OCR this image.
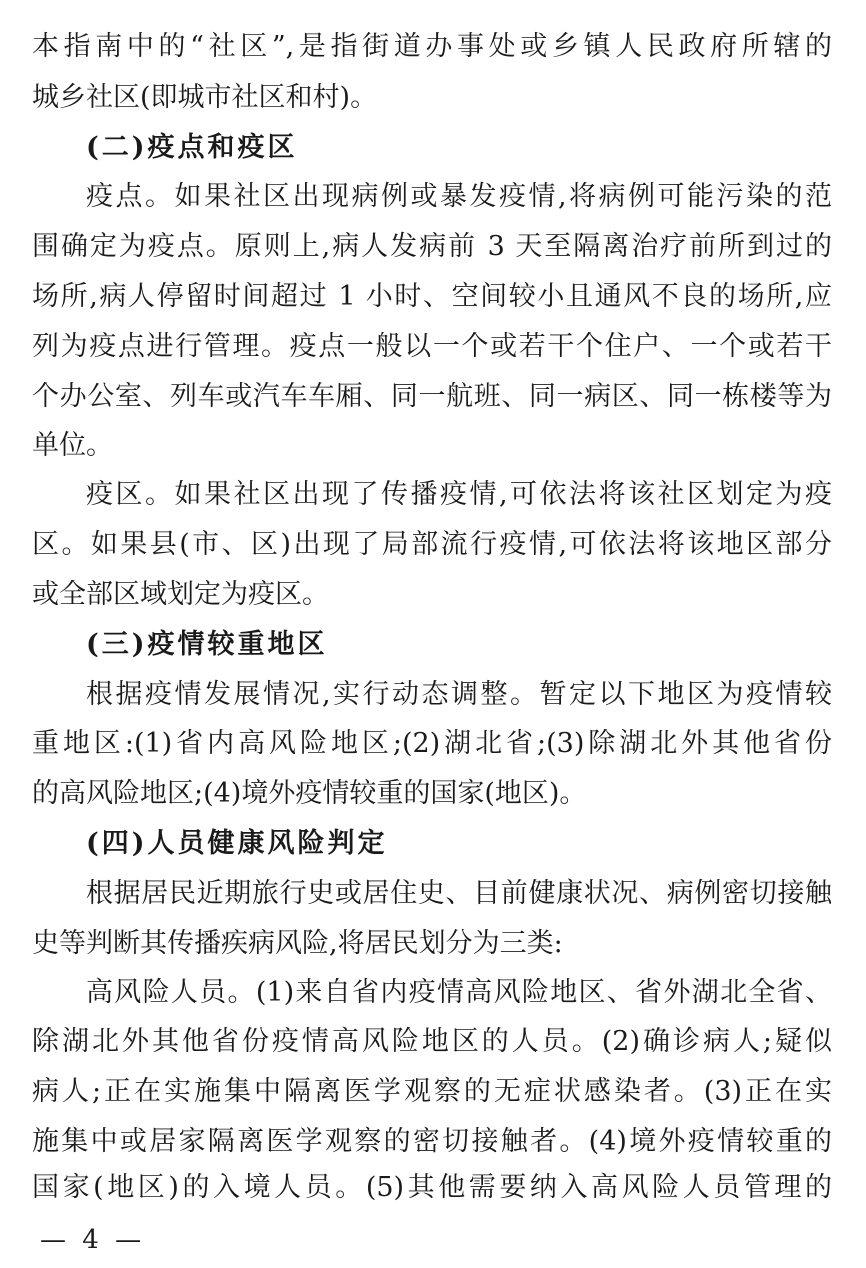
本指南中的“社区”,是指街道办事处或乡镇人民政府所辖的
城乡社区(即城市社区和村)。
(二)疫点和疫区
疫点。如果社区出现病例或暴发疫情,将病例可能污染的范
围确定为疫点。原则上,病人发病前 3 天至隔离治疗前所到过的
场所,病人停留时间超过 1 小时、空间较小且通风不良的场所,应
列为疫点进行管理。疫点一般以一个或若干个住户、一个或若干
个办公室、列车或汽车车厢、同一航班、同一病区、同一栋楼等为
单位。
疫区。如果社区出现了传播疫情,可依法将该社区划定为疫
区。如果县(市、区)出现了局部流行疫情,可依法将该地区部分
或全部区域划定为疫区。
(三)疫情较重地区
根据疫情发展情况,实行动态调整。暂定以下地区为疫情较
重地区:(1)省内高风险地区;(2)湖北省;(3)除湖北外其他省份
的高风险地区;(4)境外疫情较重的国家(地区)。
(四)人员健康风险判定
根据居民近期旅行史或居住史、目前健康状况、病例密切接触
史等判断其传播疾病风险,将居民划分为三类:
高风险人员。(1)来自省内疫情高风险地区、省外湖北全省、
除湖北外其他省份疫情高风险地区的人员。(2)确诊病人;疑似
病人;正在实施集中隔离医学观察的无症状感染者。(3)正在实
施集中或居家隔离医学观察的密切接触者。(4)境外疫情较重的
— 4 —
国家(地区)的入境人员。(5)其他需要纳入高风险人员管理的
